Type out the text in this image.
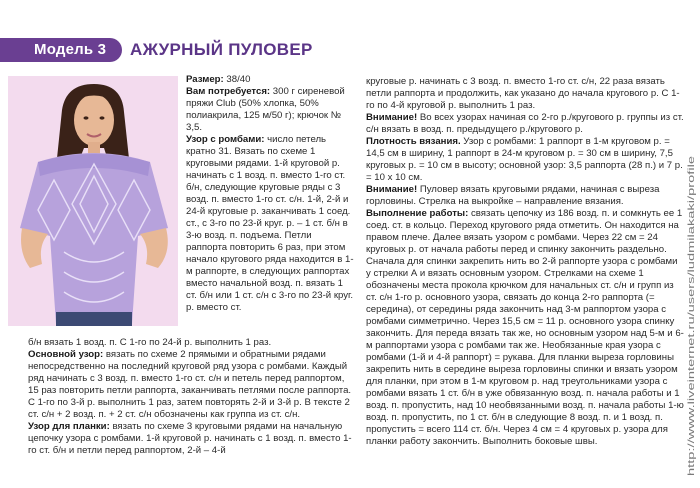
Модель 3	АЖУРНЫЙ ПУЛОВЕР

Размер: 38/40

Вам потребуется: 300 г сиреневой пряжи Club (50% хлопка, 50% полиакрила, 125 м/50 г); крючок № 3,5.

Узор с ромбами: число петель кратно 31. Вязать по схеме 1 круговыми рядами. 1-й круговой р. начинать с 1 возд. п. вместо 1-го ст. б/н, следующие круговые ряды с 3 возд. п. вместо 1-го ст. с/н. 1-й, 2-й и 24-й круговые р. заканчивать 1 соед. ст., с 3-го по 23-й круг. р. – 1 ст. б/н в 3-ю возд. п. подъема. Петли раппорта повторить 6 раз, при этом начало кругового ряда находится в 1-м раппорте, в следующих раппортах вместо начальной возд. п. вязать 1 ст. б/н или 1 ст. с/н с 3-го по 23-й круг. р. вместо ст.

б/н вязать 1 возд. п. С 1-го по 24-й р. выполнить 1 раз.

Основной узор: вязать по схеме 2 прямыми и обратными рядами непосредственно на последний круговой ряд узора с ромбами. Каждый ряд начинать с 3 возд. п. вместо 1-го ст. с/н и петель перед раппортом, 15 раз повторить петли раппорта, заканчивать петлями после раппорта. С 1-го по 3-й р. выполнить 1 раз, затем повторять 2-й и 3-й р. В тексте 2 ст. с/н + 2 возд. п. + 2 ст. с/н обозначены как группа из ст. с/н.

Узор для планки: вязать по схеме 3 круговыми рядами на начальную цепочку узора с ромбами. 1-й круговой р. начинать с 1 возд. п. вместо 1-го ст. б/н и петли перед раппортом, 2-й – 4-й

круговые р. начинать с 3 возд. п. вместо 1-го ст. с/н, 22 раза вязать петли раппорта и продолжить, как указано до начала кругового р. С 1-го по 4-й круговой р. выполнить 1 раз.

Внимание! Во всех узорах начиная со 2-го р./кругового р. группы из ст. с/н вязать в возд. п. предыдущего р./кругового р.

Плотность вязания. Узор с ромбами: 1 раппорт в 1-м круговом р. = 14,5 см в ширину, 1 раппорт в 24-м круговом р. = 30 см в ширину, 7,5 круговых р. = 10 см в высоту; основной узор: 3,5 раппорта (28 п.) и 7 р. = 10 х 10 см.

Внимание! Пуловер вязать круговыми рядами, начиная с выреза горловины. Стрелка на выкройке – направление вязания.

Выполнение работы: связать цепочку из 186 возд. п. и сомкнуть ее 1 соед. ст. в кольцо. Переход кругового ряда отметить. Он находится на правом плече. Далее вязать узором с ромбами. Через 22 см = 24 круговых р. от начала работы перед и спинку закончить раздельно. Сначала для спинки закрепить нить во 2-й раппорте узора с ромбами у стрелки А и вязать основным узором. Стрелками на схеме 1 обозначены места прокола крючком для начальных ст. с/н и групп из ст. с/н 1-го р. основного узора, связать до конца 2-го раппорта (= середина), от середины ряда закончить над 3-м раппортом узора с ромбами симметрично. Через 15,5 см = 11 р. основного узора спинку закончить. Для переда вязать так же, но основным узором над 5-м и 6-м раппортами узора с ромбами так же. Необязанные края узора с ромбами (1-й и 4-й раппорт) = рукава. Для планки выреза горловины закрепить нить в середине выреза горловины спинки и вязать узором для планки, при этом в 1-м круговом р. над треугольниками узора с ромбами вязать 1 ст. б/н в уже обвязанную возд. п. начала работы и 1 возд. п. пропустить, над 10 необвязанными возд. п. начала работы 1-ю возд. п. пропустить, по 1 ст. б/н в следующие 8 возд. п. и 1 возд. п. пропустить = всего 114 ст. б/н. Через 4 см = 4 круговых р. узора для планки работу закончить. Выполнить боковые швы.	http://www.liveinternet.ru/users/ludmilakaki/profile
